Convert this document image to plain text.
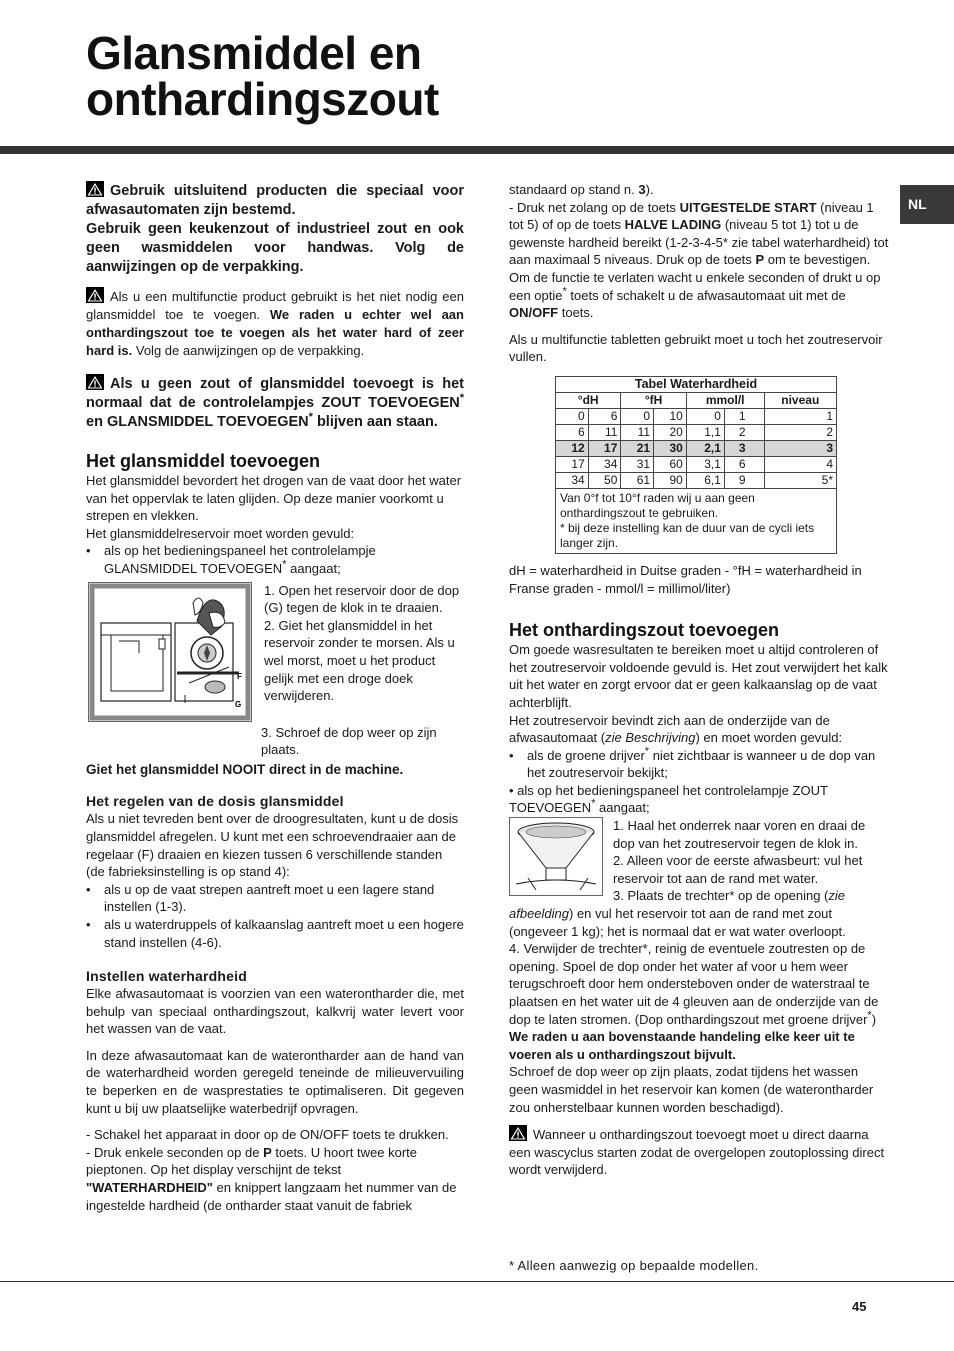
Glansmiddel en
onthardingszout
NL

Gebruik uitsluitend producten die speciaal voor afwasautomaten zijn bestemd.
Gebruik geen keukenzout of industrieel zout en ook geen wasmiddelen voor handwas. Volg de aanwijzingen op de verpakking.

Als u een multifunctie product gebruikt is het niet nodig een glansmiddel toe te voegen. We raden u echter wel aan onthardingszout toe te voegen als het water hard of zeer hard is. Volg de aanwijzingen op de verpakking.

Als u geen zout of glansmiddel toevoegt is het normaal dat de controlelampjes ZOUT TOEVOEGEN* en GLANSMIDDEL TOEVOEGEN* blijven aan staan.

Het glansmiddel toevoegen

Het glansmiddel bevordert het drogen van de vaat door het water van het oppervlak te laten glijden. Op deze manier voorkomt u strepen en vlekken.

Het glansmiddelreservoir moet worden gevuld:

• als op het bedieningspaneel het controlelampje GLANSMIDDEL TOEVOEGEN* aangaat;

F
G

1. Open het reservoir door de dop (G) tegen de klok in te draaien.

2. Giet het glansmiddel in het reservoir zonder te morsen. Als u wel morst, moet u het product gelijk met een droge doek verwijderen.

3. Schroef de dop weer op zijn plaats.

Giet het glansmiddel NOOIT direct in de machine.

Het regelen van de dosis glansmiddel

Als u niet tevreden bent over de droogresultaten, kunt u de dosis glansmiddel afregelen. U kunt met een schroevendraaier aan de regelaar (F) draaien en kiezen tussen 6 verschillende standen (de fabrieksinstelling is op stand 4):

• als u op de vaat strepen aantreft moet u een lagere stand instellen (1-3).

• als u waterdruppels of kalkaanslag aantreft moet u een hogere stand instellen (4-6).

Instellen waterhardheid

Elke afwasautomaat is voorzien van een waterontharder die, met behulp van speciaal onthardingszout, kalkvrij water levert voor het wassen van de vaat.

In deze afwasautomaat kan de waterontharder aan de hand van de waterhardheid worden geregeld teneinde de milieuvervuiling te beperken en de wasprestaties te optimaliseren. Dit gegeven kunt u bij uw plaatselijke waterbedrijf opvragen.

- Schakel het apparaat in door op de ON/OFF toets te drukken.

- Druk enkele seconden op de P toets. U hoort twee korte pieptonen. Op het display verschijnt de tekst "WATERHARDHEID" en knippert langzaam het nummer van de ingestelde hardheid (de ontharder staat vanuit de fabriek

standaard op stand n. 3).

- Druk net zolang op de toets UITGESTELDE START (niveau 1 tot 5) of op de toets HALVE LADING (niveau 5 tot 1) tot u de gewenste hardheid bereikt (1-2-3-4-5* zie tabel waterhardheid) tot aan maximaal 5 niveaus. Druk op de toets P om te bevestigen.

Om de functie te verlaten wacht u enkele seconden of drukt u op een optie* toets of schakelt u de afwasautomaat uit met de ON/OFF toets.

Als u multifunctie tabletten gebruikt moet u toch het zoutreservoir vullen.

Tabel Waterhardheid						
°dH		°fH		mmol/l		niveau
0	6	0	10	0	1	1
6	11	11	20	1,1	2	2
12	17	21	30	2,1	3	3
17	34	31	60	3,1	6	4
34	50	61	90	6,1	9	5*

Van 0°f tot 10°f raden wij u aan geen onthardingszout te gebruiken.
* bij deze instelling kan de duur van de cycli iets langer zijn.						

dH = waterhardheid in Duitse graden - °fH = waterhardheid in Franse graden - mmol/l = millimol/liter)

Het onthardingszout toevoegen

Om goede wasresultaten te bereiken moet u altijd controleren of het zoutreservoir voldoende gevuld is. Het zout verwijdert het kalk uit het water en zorgt ervoor dat er geen kalkaanslag op de vaat achterblijft.

Het zoutreservoir bevindt zich aan de onderzijde van de afwasautomaat (zie Beschrijving) en moet worden gevuld:

• als de groene drijver* niet zichtbaar is wanneer u de dop van het zoutreservoir bekijkt;

• als op het bedieningspaneel het controlelampje ZOUT TOEVOEGEN* aangaat;

1. Haal het onderrek naar voren en draai de dop van het zoutreservoir tegen de klok in.

2. Alleen voor de eerste afwasbeurt: vul het reservoir tot aan de rand met water.

3. Plaats de trechter* op de opening (zie afbeelding) en vul het reservoir tot aan de rand met zout (ongeveer 1 kg); het is normaal dat er wat water overloopt.

4. Verwijder de trechter*, reinig de eventuele zoutresten op de opening. Spoel de dop onder het water af voor u hem weer terugschroeft door hem ondersteboven onder de waterstraal te plaatsen en het water uit de 4 gleuven aan de onderzijde van de dop te laten stromen. (Dop onthardingszout met groene drijver*)

We raden u aan bovenstaande handeling elke keer uit te voeren als u onthardingszout bijvult.

Schroef de dop weer op zijn plaats, zodat tijdens het wassen geen wasmiddel in het reservoir kan komen (de waterontharder zou onherstelbaar kunnen worden beschadigd).

Wanneer u onthardingszout toevoegt moet u direct daarna een wascyclus starten zodat de overgelopen zoutoplossing direct wordt verwijderd.

* Alleen aanwezig op bepaalde modellen.
45
